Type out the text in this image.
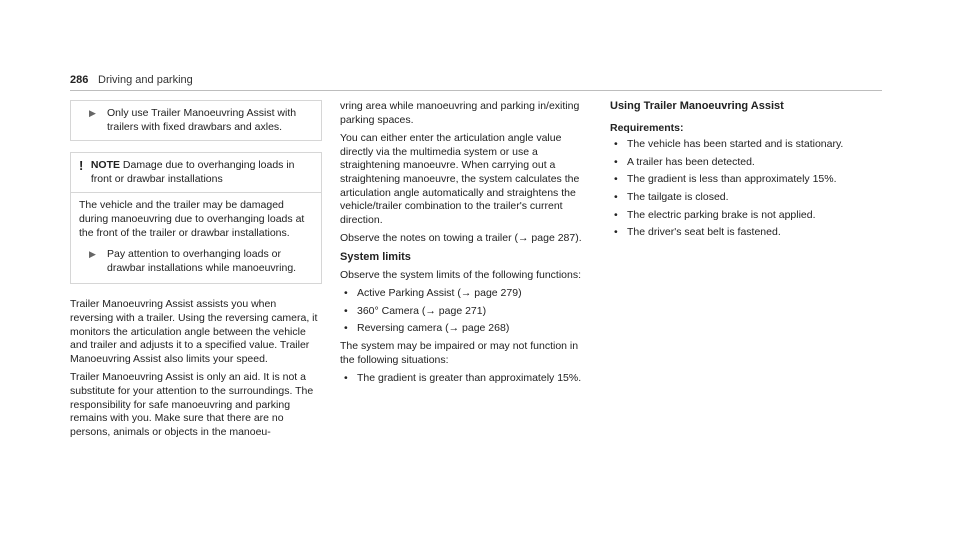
286 Driving and parking
▶	Only use Trailer Manoeuvring Assist with trailers with fixed drawbars and axles.
! NOTE Damage due to overhanging loads in front or drawbar installations
The vehicle and the trailer may be damaged during manoeuvring due to overhanging loads at the front of the trailer or drawbar installations.
▶	Pay attention to overhanging loads or drawbar installations while manoeuvring.

Trailer Manoeuvring Assist assists you when reversing with a trailer. Using the reversing camera, it monitors the articulation angle between the vehicle and trailer and adjusts it to a specified value. Trailer Manoeuvring Assist also limits your speed.

Trailer Manoeuvring Assist is only an aid. It is not a substitute for your attention to the surroundings. The responsibility for safe manoeuvring and parking remains with you. Make sure that there are no persons, animals or objects in the manoeu-

vring area while manoeuvring and parking in/exiting parking spaces.

You can either enter the articulation angle value directly via the multimedia system or use a straightening manoeuvre. When carrying out a straightening manoeuvre, the system calculates the articulation angle automatically and straightens the vehicle/trailer combination to the trailer's current direction.

Observe the notes on towing a trailer (→ page 287).

System limits

Observe the system limits of the following functions:

• Active Parking Assist (→ page 279)
• 360° Camera (→ page 271)
• Reversing camera (→ page 268)

The system may be impaired or may not function in the following situations:

• The gradient is greater than approximately 15%.
Using Trailer Manoeuvring Assist
Requirements:
• The vehicle has been started and is stationary.
• A trailer has been detected.
• The gradient is less than approximately 15%.
• The tailgate is closed.
• The electric parking brake is not applied.
• The driver's seat belt is fastened.
